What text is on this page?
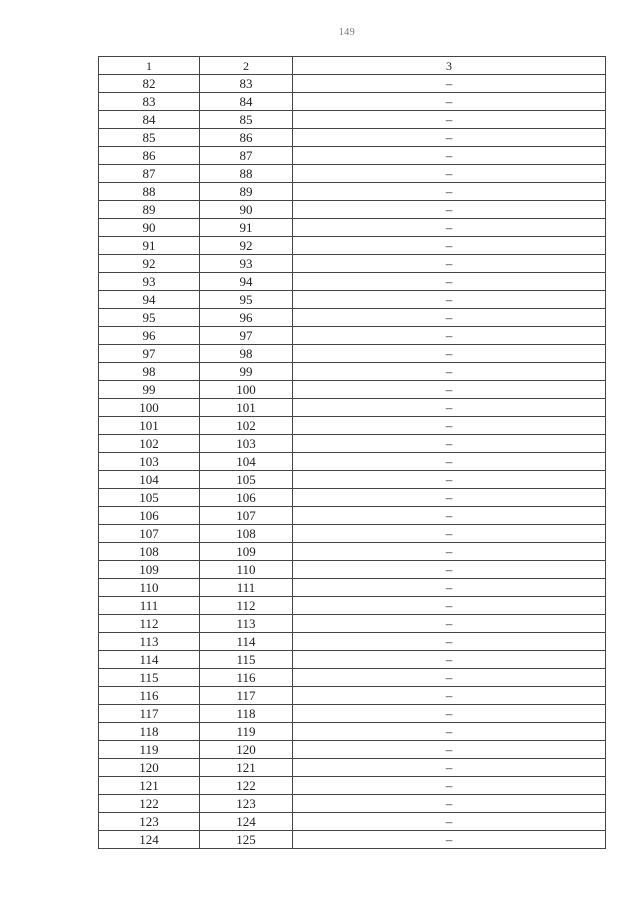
149
1	2	3
82	83	–
83	84	–
84	85	–
85	86	–
86	87	–
87	88	–
88	89	–
89	90	–
90	91	–
91	92	–
92	93	–
93	94	–
94	95	–
95	96	–
96	97	–
97	98	–
98	99	–
99	100	–
100	101	–
101	102	–
102	103	–
103	104	–
104	105	–
105	106	–
106	107	–
107	108	–
108	109	–
109	110	–
110	111	–
111	112	–
112	113	–
113	114	–
114	115	–
115	116	–
116	117	–
117	118	–
118	119	–
119	120	–
120	121	–
121	122	–
122	123	–
123	124	–
124	125	–
